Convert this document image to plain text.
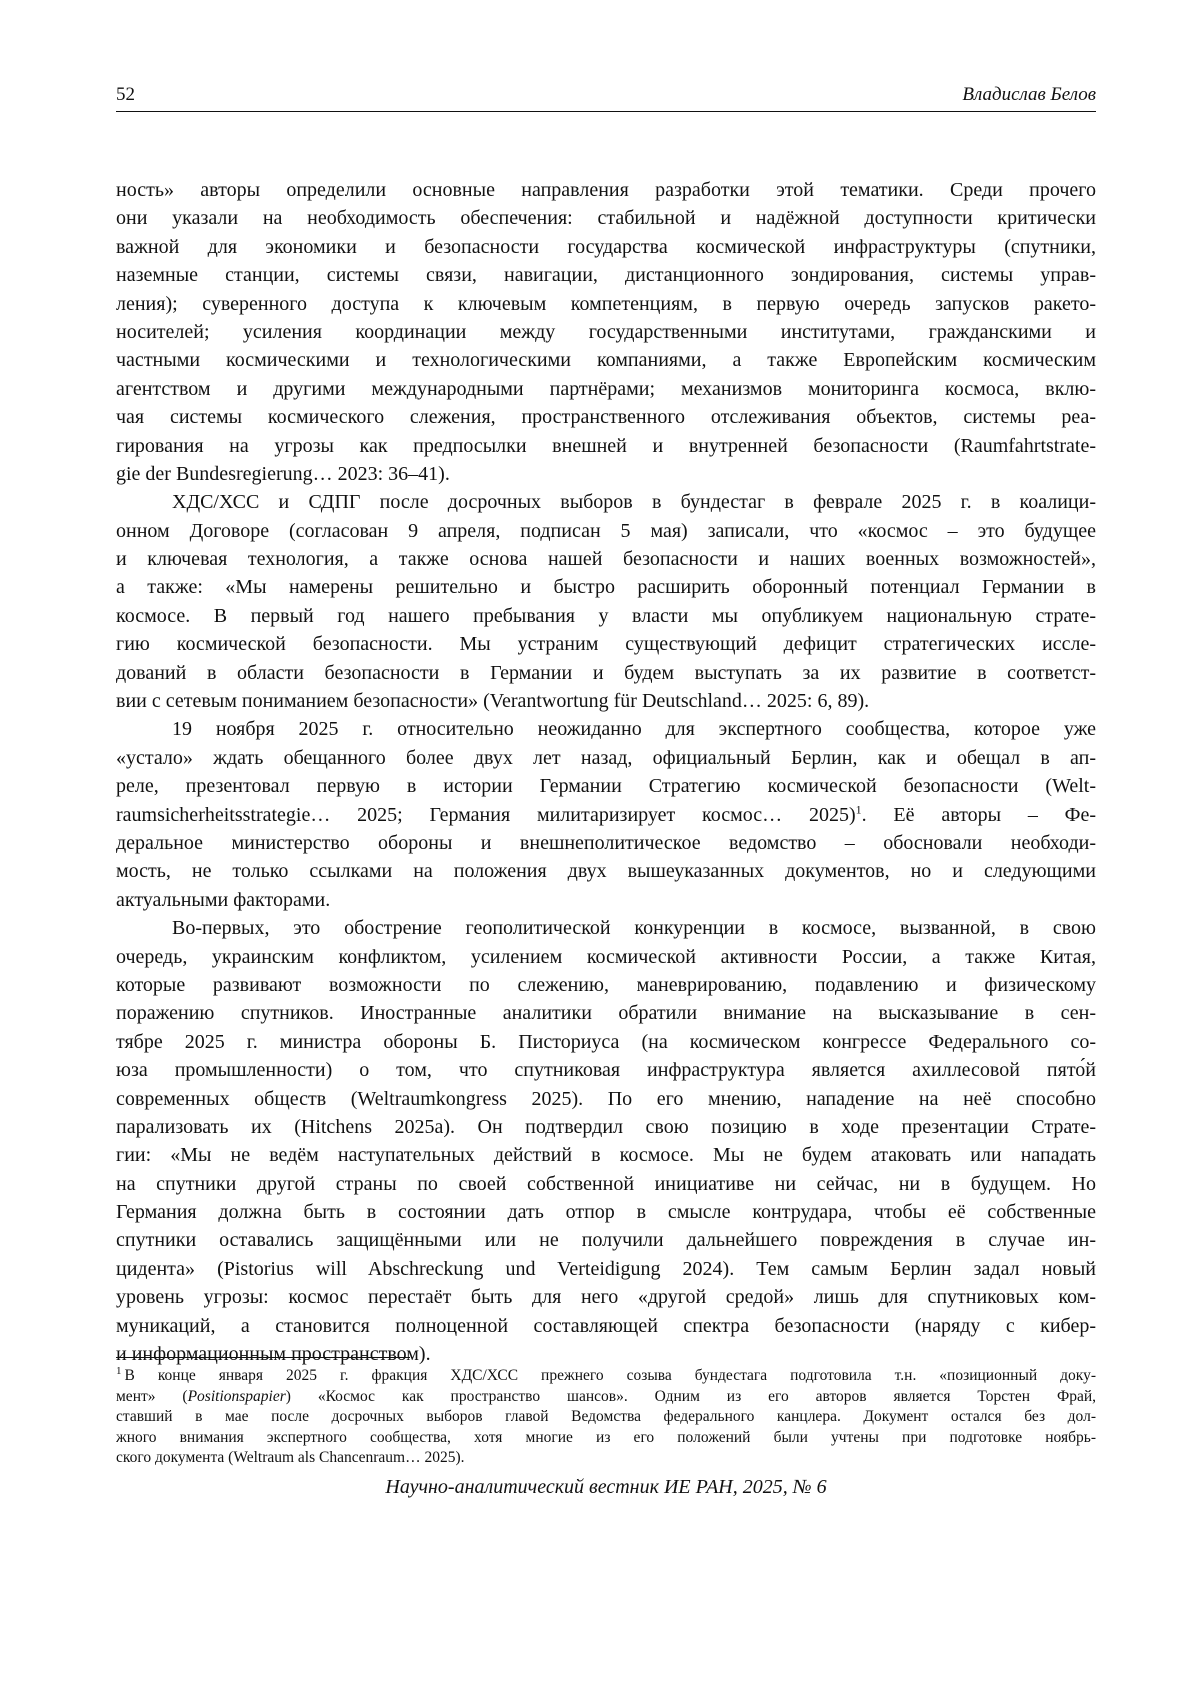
52	Владислав Белов
ность» авторы определили основные направления разработки этой тематики. Среди прочего
они указали на необходимость обеспечения: стабильной и надёжной доступности критически
важной для экономики и безопасности государства космической инфраструктуры (спутники,
наземные станции, системы связи, навигации, дистанционного зондирования, системы управ-
ления); суверенного доступа к ключевым компетенциям, в первую очередь запусков ракето-
носителей; усиления координации между государственными институтами, гражданскими и
частными космическими и технологическими компаниями, а также Европейским космическим
агентством и другими международными партнёрами; механизмов мониторинга космоса, вклю-
чая системы космического слежения, пространственного отслеживания объектов, системы реа-
гирования на угрозы как предпосылки внешней и внутренней безопасности (Raumfahrtstrate-
gie der Bundesregierung… 2023: 36–41).
ХДС/ХСС и СДПГ после досрочных выборов в бундестаг в феврале 2025 г. в коалици-
онном Договоре (согласован 9 апреля, подписан 5 мая) записали, что «космос – это будущее
и ключевая технология, а также основа нашей безопасности и наших военных возможностей»,
а также: «Мы намерены решительно и быстро расширить оборонный потенциал Германии в
космосе. В первый год нашего пребывания у власти мы опубликуем национальную страте-
гию космической безопасности. Мы устраним существующий дефицит стратегических иссле-
дований в области безопасности в Германии и будем выступать за их развитие в соответст-
вии с сетевым пониманием безопасности» (Verantwortung für Deutschland… 2025: 6, 89).
19 ноября 2025 г. относительно неожиданно для экспертного сообщества, которое уже
«устало» ждать обещанного более двух лет назад, официальный Берлин, как и обещал в ап-
реле, презентовал первую в истории Германии Стратегию космической безопасности (Welt-
raumsicherheitsstrategie… 2025; Германия милитаризирует космос… 2025)$^1$. Её авторы – Фе-
деральное министерство обороны и внешнеполитическое ведомство – обосновали необходи-
мость, не только ссылками на положения двух вышеуказанных документов, но и следующими
актуальными факторами.
Во-первых, это обострение геополитической конкуренции в космосе, вызванной, в свою
очередь, украинским конфликтом, усилением космической активности России, а также Китая,
которые развивают возможности по слежению, маневрированию, подавлению и физическому
поражению спутников. Иностранные аналитики обратили внимание на высказывание в сен-
тябре 2025 г. министра обороны Б. Писториуса (на космическом конгрессе Федерального со-
юза промышленности) о том, что спутниковая инфраструктура является ахиллесовой пято́й
современных обществ (Weltraumkongress 2025). По его мнению, нападение на неё способно
парализовать их (Hitchens 2025a). Он подтвердил свою позицию в ходе презентации Страте-
гии: «Мы не ведём наступательных действий в космосе. Мы не будем атаковать или нападать
на спутники другой страны по своей собственной инициативе ни сейчас, ни в будущем. Но
Германия должна быть в состоянии дать отпор в смысле контрудара, чтобы её собственные
спутники оставались защищёнными или не получили дальнейшего повреждения в случае ин-
цидента» (Pistorius will Abschreckung und Verteidigung 2024). Тем самым Берлин задал новый
уровень угрозы: космос перестаёт быть для него «другой средой» лишь для спутниковых ком-
муникаций, а становится полноценной составляющей спектра безопасности (наряду с кибер-
и информационным пространством).
$^1$ В конце января 2025 г. фракция ХДС/ХСС прежнего созыва бундестага подготовила т.н. «позиционный доку-
мент» (Positionspapier) «Космос как пространство шансов». Одним из его авторов является Торстен Фрай,
ставший в мае после досрочных выборов главой Ведомства федерального канцлера. Документ остался без дол-
жного внимания экспертного сообщества, хотя многие из его положений были учтены при подготовке ноябрь-
ского документа (Weltraum als Chancenraum… 2025).
Научно-аналитический вестник ИЕ РАН, 2025, № 6
